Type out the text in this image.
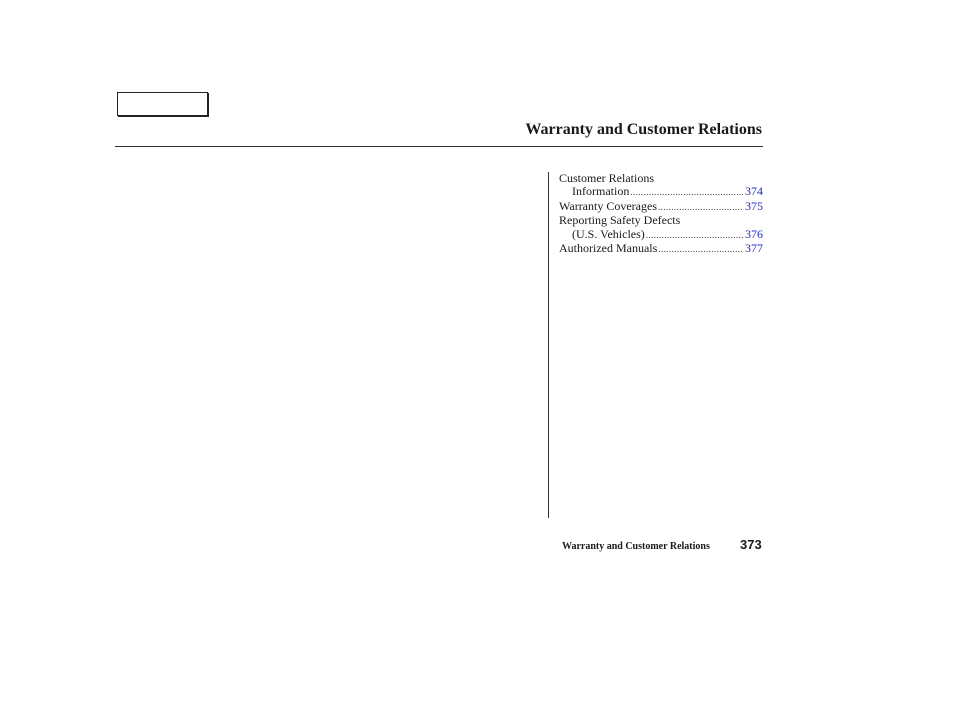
Warranty and Customer Relations
Customer Relations
Information .....	374
Warranty Coverages .....	375
Reporting Safety Defects
(U.S. Vehicles) .....	376
Authorized Manuals .....	377
Warranty and Customer Relations 373
